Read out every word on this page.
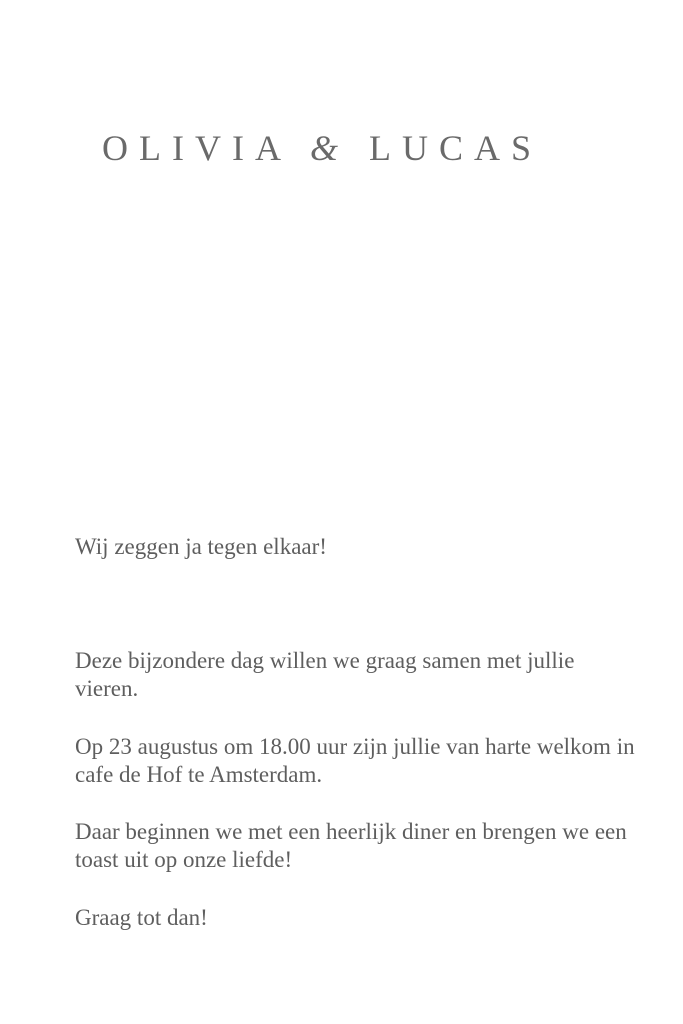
OLIVIA & LUCAS

Wij zeggen ja tegen elkaar!

Deze bijzondere dag willen we graag samen met jullie vieren.

Op 23 augustus om 18.00 uur zijn jullie van harte welkom in cafe de Hof te Amsterdam.

Daar beginnen we met een heerlijk diner en brengen we een toast uit op onze liefde!

Graag tot dan!
